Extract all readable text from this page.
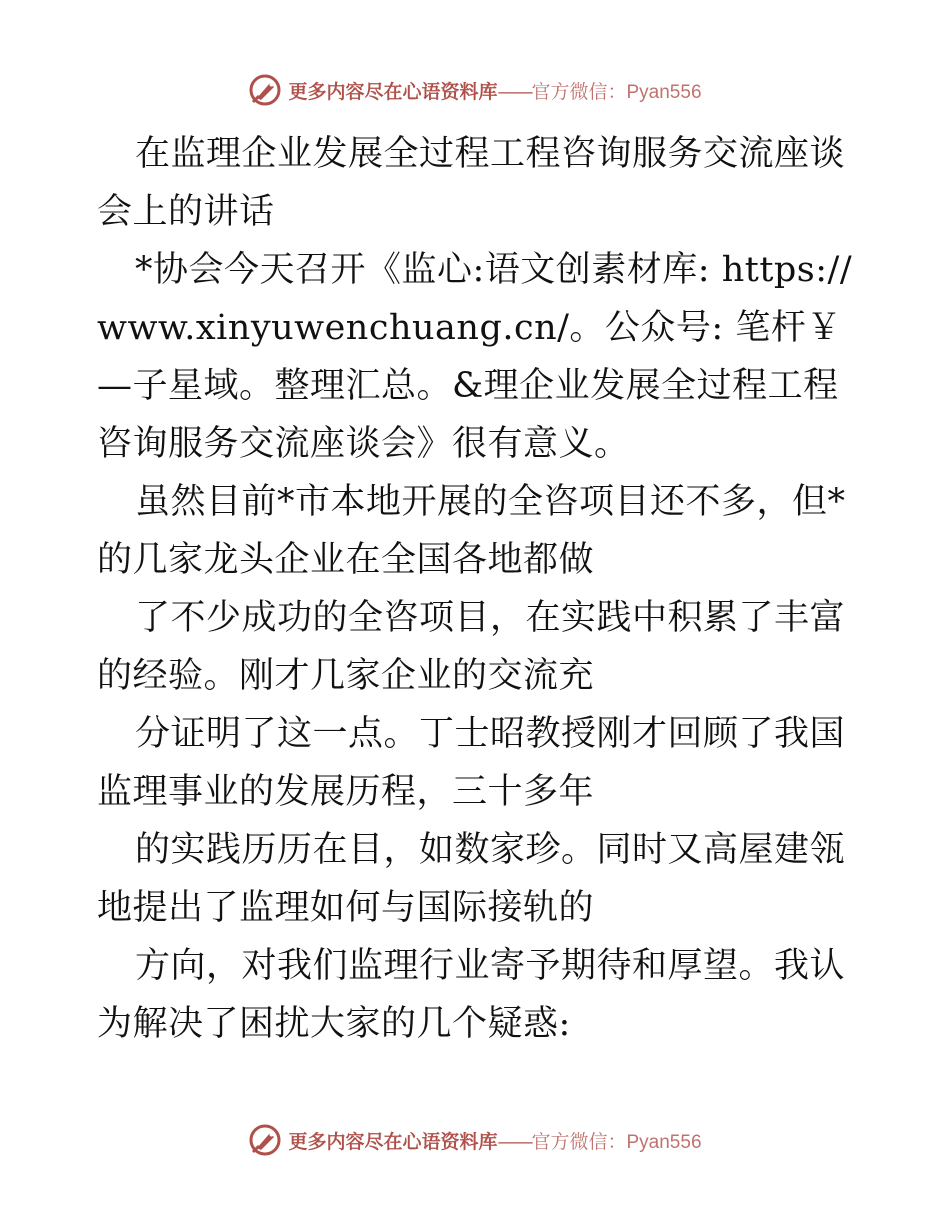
更多内容尽在心语资料库 —— 官方微信： Pyan556

在监理企业发展全过程工程咨询服务交流座谈会上的讲话

*协会今天召开《监心:语文创素材库: https://www.xinyuwenchuang.cn/。公众号: 笔杆￥—子星域。整理汇总。&理企业发展全过程工程咨询服务交流座谈会》很有意义。

虽然目前*市本地开展的全咨项目还不多，但*的几家龙头企业在全国各地都做

了不少成功的全咨项目，在实践中积累了丰富的经验。刚才几家企业的交流充

分证明了这一点。丁士昭教授刚才回顾了我国监理事业的发展历程，三十多年

的实践历历在目，如数家珍。同时又高屋建瓴地提出了监理如何与国际接轨的

方向，对我们监理行业寄予期待和厚望。我认为解决了困扰大家的几个疑惑:

更多内容尽在心语资料库 —— 官方微信： Pyan556
